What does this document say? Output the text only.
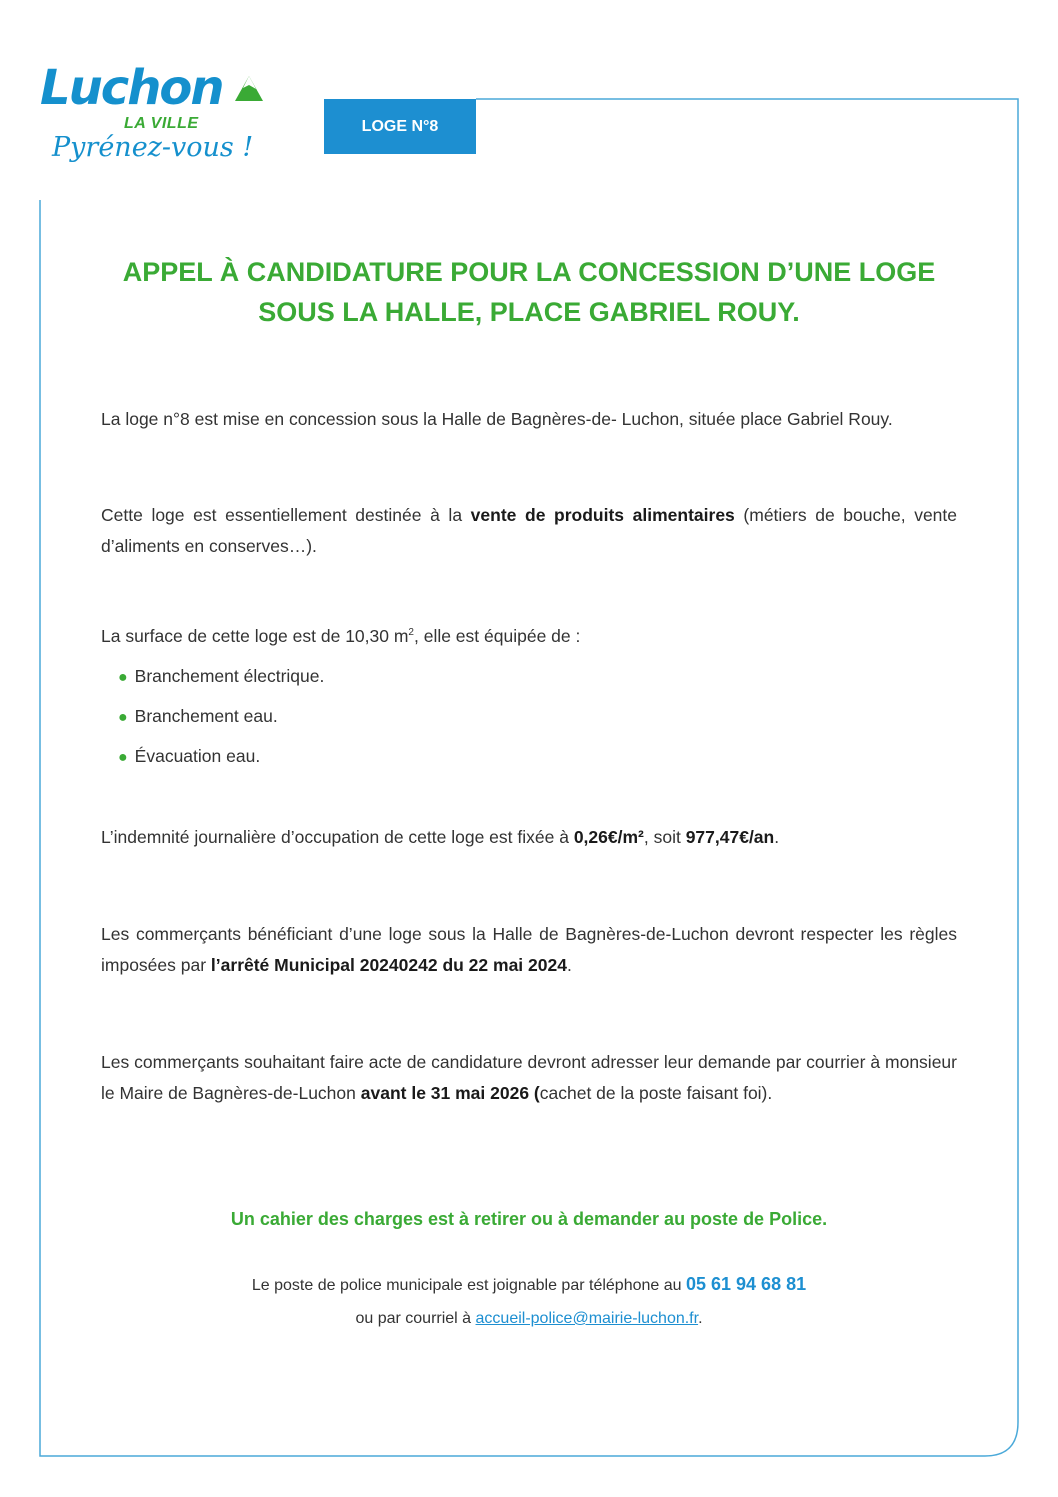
Luchon
LA VILLE
Pyrénez-vous !
LOGE N°8
APPEL À CANDIDATURE POUR LA CONCESSION D’UNE LOGE
SOUS LA HALLE, PLACE GABRIEL ROUY.

La loge n°8 est mise en concession sous la Halle de Bagnères-de- Luchon, située place Gabriel Rouy.

Cette loge est essentiellement destinée à la vente de produits alimentaires (métiers de bouche, vente d’aliments en conserves…).

La surface de cette loge est de 10,30 $m^2$, elle est équipée de :

● Branchement électrique.
● Branchement eau.
● Évacuation eau.

L’indemnité journalière d’occupation de cette loge est fixée à 0,26€/m², soit 977,47€/an.

Les commerçants bénéficiant d’une loge sous la Halle de Bagnères-de-Luchon devront respecter les règles imposées par l’arrêté Municipal 20240242 du 22 mai 2024.

Les commerçants souhaitant faire acte de candidature devront adresser leur demande par courrier à monsieur le Maire de Bagnères-de-Luchon avant le 31 mai 2026 (cachet de la poste faisant foi).

Un cahier des charges est à retirer ou à demander au poste de Police.
Le poste de police municipale est joignable par téléphone au 05 61 94 68 81
ou par courriel à accueil-police@mairie-luchon.fr.
